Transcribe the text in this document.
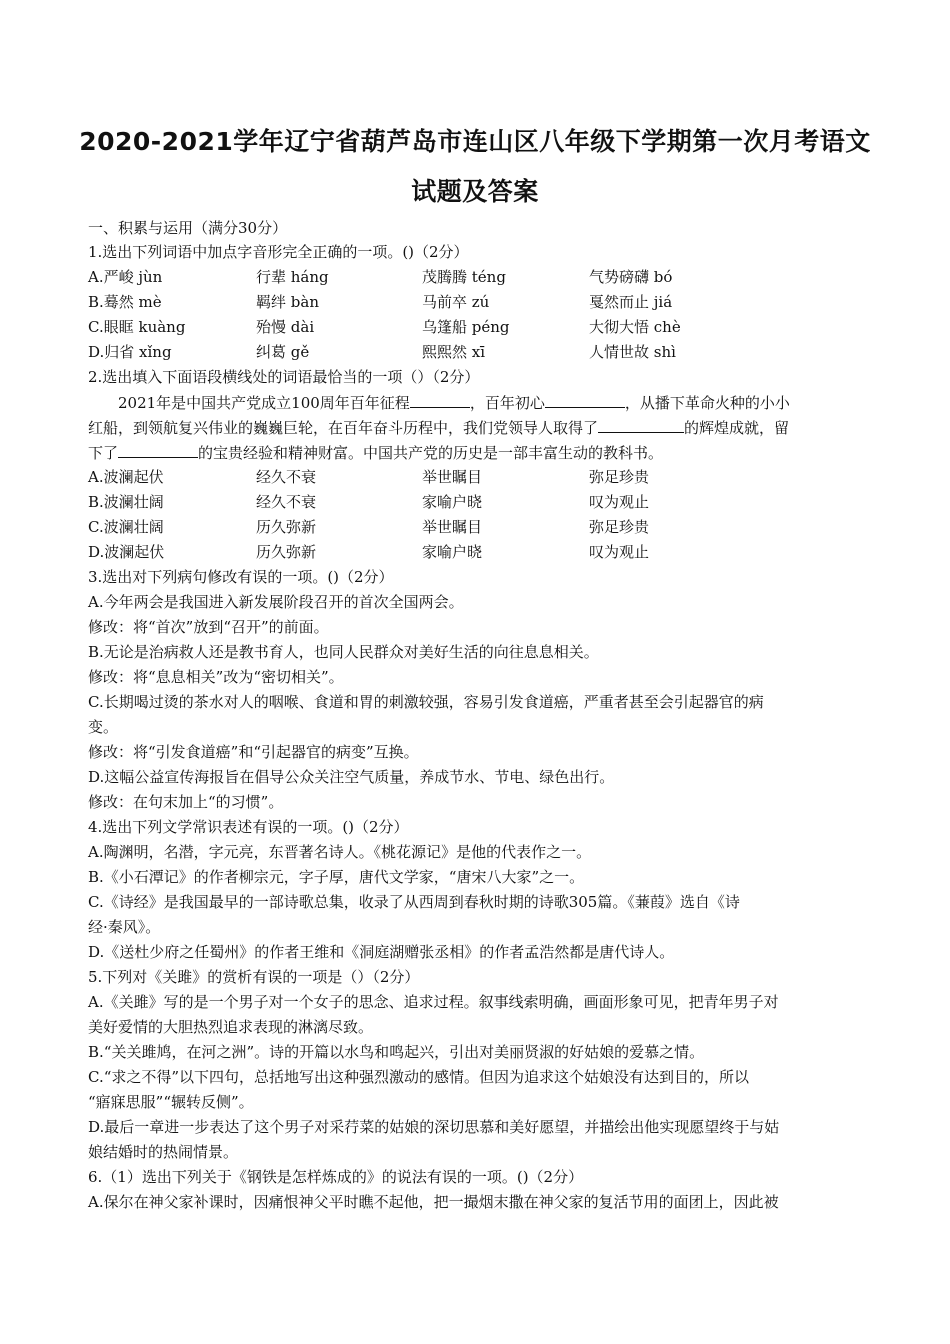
2020-2021学年辽宁省葫芦岛市连山区八年级下学期第一次月考语文
试题及答案
一、积累与运用（满分30分）
1.选出下列词语中加点字音形完全正确的一项。()（2分）
A.严峻 jùn	行辈 háng	茂腾腾 téng	气势磅礴 bó
B.蓦然 mè	羁绊 bàn	马前卒 zú	戛然而止 jiá
C.眼眶 kuàng	殆慢 dài	乌篷船 péng	大彻大悟 chè
D.归省 xǐng	纠葛 gě	熙熙然 xī	人情世故 shì
2.选出填入下面语段横线处的词语最恰当的一项（）（2分）
2021年是中国共产党成立100周年百年征程	，百年初心	，从播下革命火种的小小
红船，到领航复兴伟业的巍巍巨轮，在百年奋斗历程中，我们党领导人取得了	的辉煌成就，留
下了	的宝贵经验和精神财富。中国共产党的历史是一部丰富生动的教科书。
A.波澜起伏	经久不衰	举世瞩目	弥足珍贵
B.波澜壮阔	经久不衰	家喻户晓	叹为观止
C.波澜壮阔	历久弥新	举世瞩目	弥足珍贵
D.波澜起伏	历久弥新	家喻户晓	叹为观止
3.选出对下列病句修改有误的一项。()（2分）
A.今年两会是我国进入新发展阶段召开的首次全国两会。
修改：将“首次”放到“召开”的前面。
B.无论是治病救人还是教书育人，也同人民群众对美好生活的向往息息相关。
修改：将“息息相关”改为“密切相关”。
C.长期喝过烫的茶水对人的咽喉、食道和胃的刺激较强，容易引发食道癌，严重者甚至会引起器官的病
变。
修改：将“引发食道癌”和“引起器官的病变”互换。
D.这幅公益宣传海报旨在倡导公众关注空气质量，养成节水、节电、绿色出行。
修改：在句末加上“的习惯”。
4.选出下列文学常识表述有误的一项。()（2分）
A.陶渊明，名潜，字元亮，东晋著名诗人。《桃花源记》是他的代表作之一。
B.《小石潭记》的作者柳宗元，字子厚，唐代文学家，“唐宋八大家”之一。
C.《诗经》是我国最早的一部诗歌总集，收录了从西周到春秋时期的诗歌305篇。《蒹葭》选自《诗
经·秦风》。
D.《送杜少府之任蜀州》的作者王维和《洞庭湖赠张丞相》的作者孟浩然都是唐代诗人。
5.下列对《关雎》的赏析有误的一项是（）（2分）
A.《关雎》写的是一个男子对一个女子的思念、追求过程。叙事线索明确，画面形象可见，把青年男子对
美好爱情的大胆热烈追求表现的淋漓尽致。
B.“关关雎鸠，在河之洲”。诗的开篇以水鸟和鸣起兴，引出对美丽贤淑的好姑娘的爱慕之情。
C.“求之不得”以下四句，总括地写出这种强烈激动的感情。但因为追求这个姑娘没有达到目的，所以
“寤寐思服”“辗转反侧”。
D.最后一章进一步表达了这个男子对采荇菜的姑娘的深切思慕和美好愿望，并描绘出他实现愿望终于与姑
娘结婚时的热闹情景。
6.（1）选出下列关于《钢铁是怎样炼成的》的说法有误的一项。()（2分）
A.保尔在神父家补课时，因痛恨神父平时瞧不起他，把一撮烟末撒在神父家的复活节用的面团上，因此被
